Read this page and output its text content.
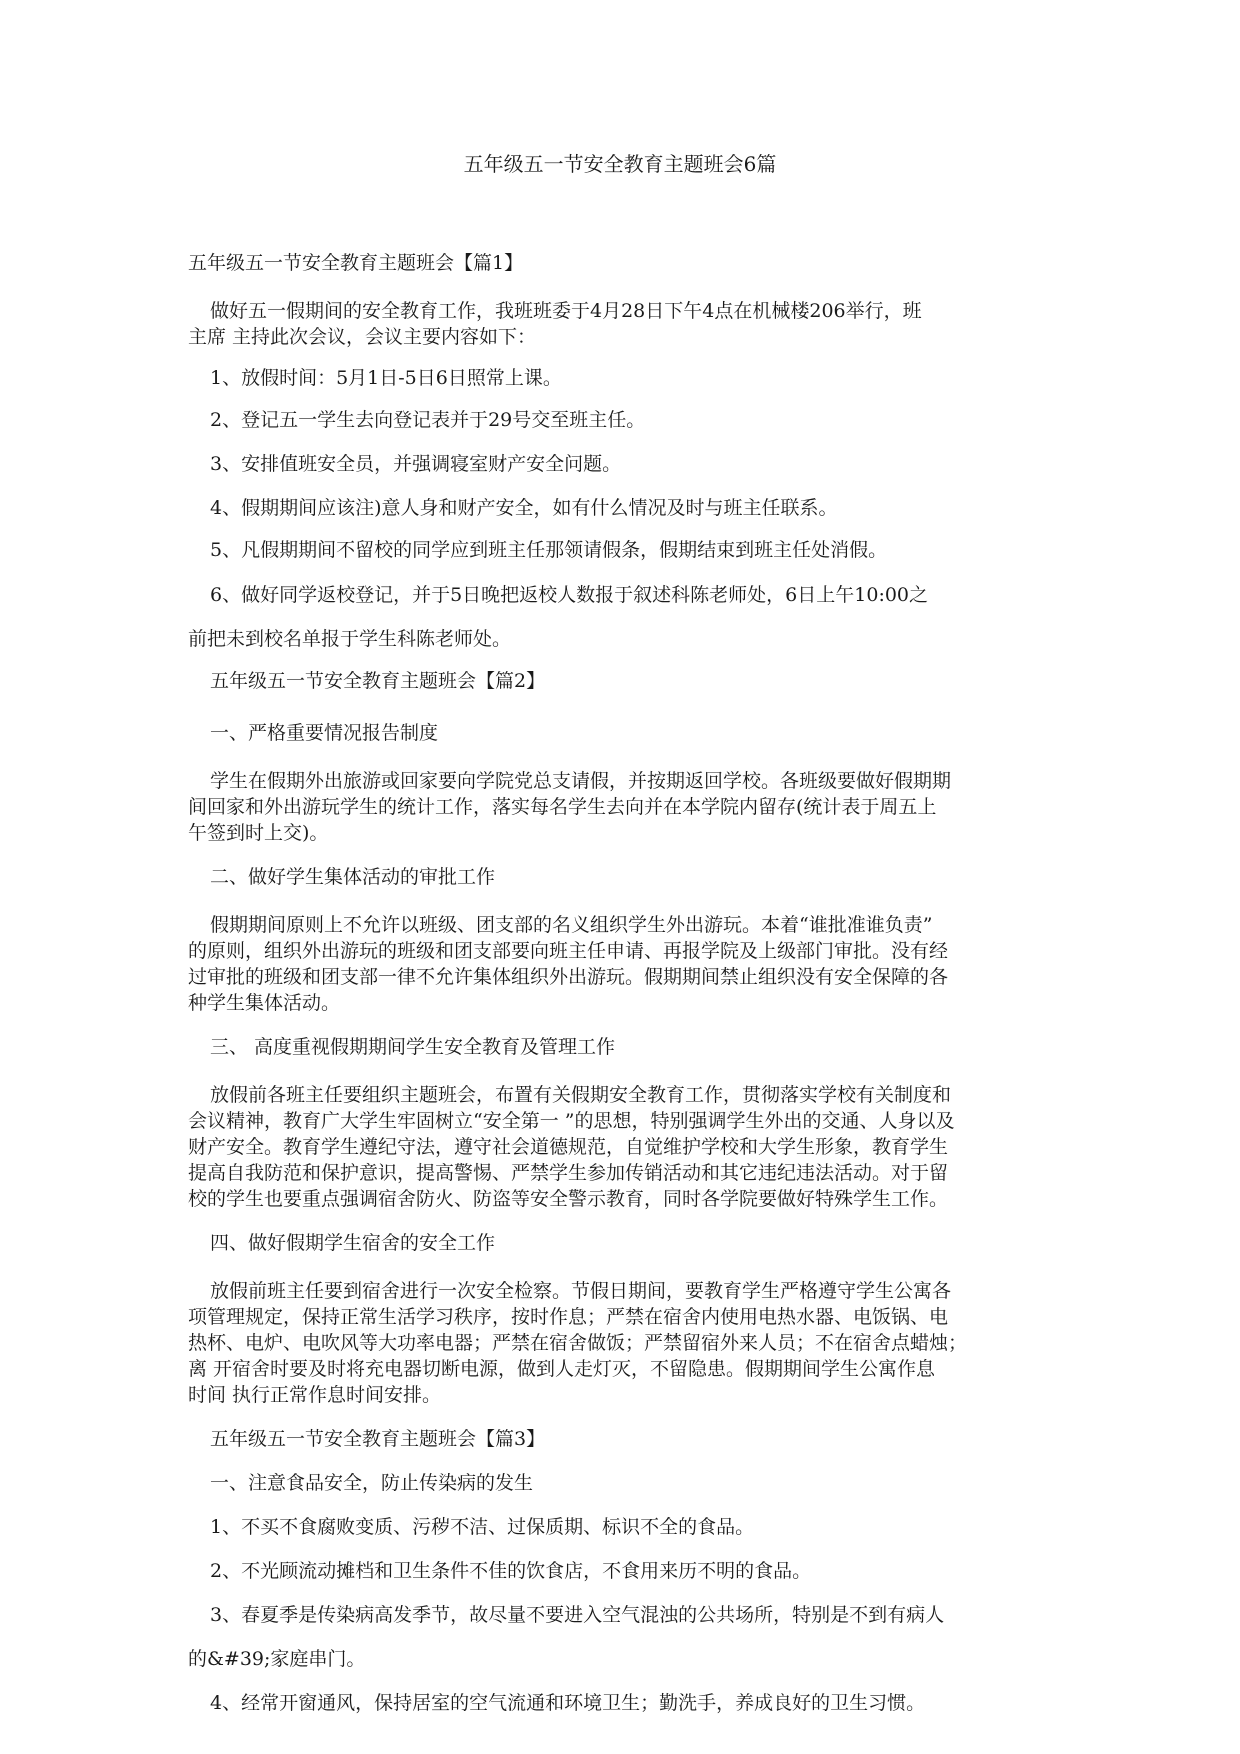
五年级五一节安全教育主题班会6篇
五年级五一节安全教育主题班会【篇1】
做好五一假期间的安全教育工作，我班班委于4月28日下午4点在机械楼206举行，班
主席 主持此次会议，会议主要内容如下：
1、放假时间：5月1日-5日6日照常上课。
2、登记五一学生去向登记表并于29号交至班主任。
3、安排值班安全员，并强调寝室财产安全问题。
4、假期期间应该注)意人身和财产安全，如有什么情况及时与班主任联系。
5、凡假期期间不留校的同学应到班主任那领请假条，假期结束到班主任处消假。
6、做好同学返校登记，并于5日晚把返校人数报于叙述科陈老师处，6日上午10:00之
前把未到校名单报于学生科陈老师处。
五年级五一节安全教育主题班会【篇2】
一、严格重要情况报告制度
学生在假期外出旅游或回家要向学院党总支请假，并按期返回学校。各班级要做好假期期
间回家和外出游玩学生的统计工作，落实每名学生去向并在本学院内留存(统计表于周五上
午签到时上交)。
二、做好学生集体活动的审批工作
假期期间原则上不允许以班级、团支部的名义组织学生外出游玩。本着“谁批准谁负责”
的原则，组织外出游玩的班级和团支部要向班主任申请、再报学院及上级部门审批。没有经
过审批的班级和团支部一律不允许集体组织外出游玩。假期期间禁止组织没有安全保障的各
种学生集体活动。
三、 高度重视假期期间学生安全教育及管理工作
放假前各班主任要组织主题班会，布置有关假期安全教育工作，贯彻落实学校有关制度和
会议精神，教育广大学生牢固树立“安全第一 ”的思想，特别强调学生外出的交通、人身以及
财产安全。教育学生遵纪守法，遵守社会道德规范，自觉维护学校和大学生形象，教育学生
提高自我防范和保护意识，提高警惕、严禁学生参加传销活动和其它违纪违法活动。对于留
校的学生也要重点强调宿舍防火、防盗等安全警示教育，同时各学院要做好特殊学生工作。
四、做好假期学生宿舍的安全工作
放假前班主任要到宿舍进行一次安全检察。节假日期间，要教育学生严格遵守学生公寓各
项管理规定，保持正常生活学习秩序，按时作息；严禁在宿舍内使用电热水器、电饭锅、电
热杯、电炉、电吹风等大功率电器；严禁在宿舍做饭；严禁留宿外来人员；不在宿舍点蜡烛；
离 开宿舍时要及时将充电器切断电源，做到人走灯灭，不留隐患。假期期间学生公寓作息
时间 执行正常作息时间安排。
五年级五一节安全教育主题班会【篇3】
一、注意食品安全，防止传染病的发生
1、不买不食腐败变质、污秽不洁、过保质期、标识不全的食品。
2、不光顾流动摊档和卫生条件不佳的饮食店，不食用来历不明的食品。
3、春夏季是传染病高发季节，故尽量不要进入空气混浊的公共场所，特别是不到有病人
的&#39;家庭串门。
4、经常开窗通风，保持居室的空气流通和环境卫生；勤洗手，养成良好的卫生习惯。
